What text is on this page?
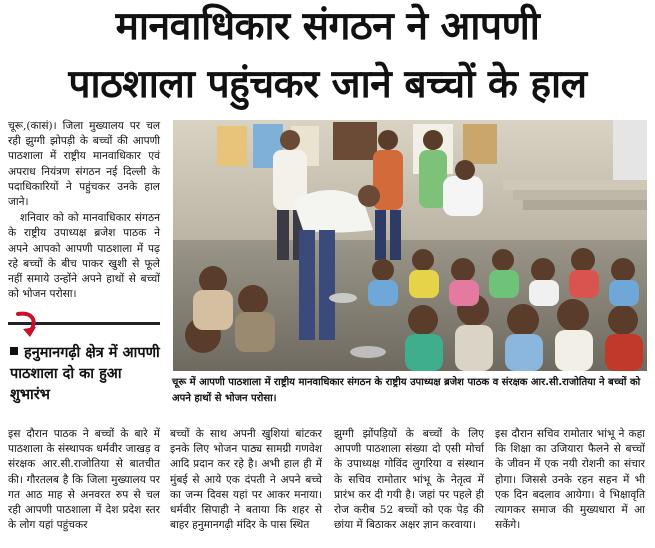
मानवाधिकार संगठन ने आपणी
पाठशाला पहुंचकर जाने बच्चों के हाल

चूरू,(कासं)। जिला मुख्यालय पर चल रही झुग्गी झोपड़ी के बच्चों की आपणी पाठशाला में राष्ट्रीय मानवाधिकार एवं अपराध नियंत्रण संगठन नई दिल्ली के पदाधिकारियों ने पहुंचकर उनके हाल जाने।

शनिवार को को मानवाधिकार संगठन के राष्ट्रीय उपाध्यक्ष ब्रजेश पाठक ने अपने आपको आपणी पाठशाला में पढ़ रहे बच्चों के बीच पाकर खुशी से फूले नहीं समाये उन्होंने अपने हाथों से बच्चों को भोजन परोसा।

हनुमानगढ़ी क्षेत्र में आपणी पाठशाला दो का हुआ शुभारंभ
चूरू में आपणी पाठशाला में राष्ट्रीय मानवाधिकार संगठन के राष्ट्रीय उपाध्यक्ष ब्रजेश पाठक व संरक्षक आर.सी.राजोतिया ने बच्चों को अपने हाथों से भोजन परोसा।
इस दौरान पाठक ने बच्चों के बारे में पाठशाला के संस्थापक धर्मवीर जाखड़ व संरक्षक आर.सी.राजोतिया से बातचीत की। गौरतलब है कि जिला मुख्यालय पर गत आठ माह से अनवरत रुप से चल रही आपणी पाठशाला में देश प्रदेश स्तर के लोग यहां पहुंचकर
बच्चों के साथ अपनी खुशियां बांटकर इनके लिए भोजन पाठ्य सामग्री गणवेश आदि प्रदान कर रहे है। अभी हाल ही में मुंबई से आये एक दंपती ने अपने बच्चे का जन्म दिवस यहां पर आकर मनाया। धर्मवीर सिपाही ने बताया कि शहर से बाहर हनुमानगढ़ी मंदिर के पास स्थित
झुग्गी झोंपड़ियों के बच्चों के लिए आपणी पाठशाला संख्या दो एसी मोर्चा के उपाध्यक्ष गोविंद लुगरिया व संस्थान के सचिव रामोतार भांभू के नेतृत्व में प्रारंभ कर दी गयी है। जहां पर पहले ही रोज करीब 52 बच्चों को एक पेड़ की छांया में बिठाकर अक्षर ज्ञान करवाया।
इस दौरान सचिव रामोतार भांभू ने कहा कि शिक्षा का उजियारा फैलने से बच्चों के जीवन में एक नयी रोशनी का संचार होगा। जिससे उनके रहन सहन में भी एक दिन बदलाव आयेगा। वे भिक्षावृति त्यागकर समाज की मुख्यधारा में आ सकेंगे।
